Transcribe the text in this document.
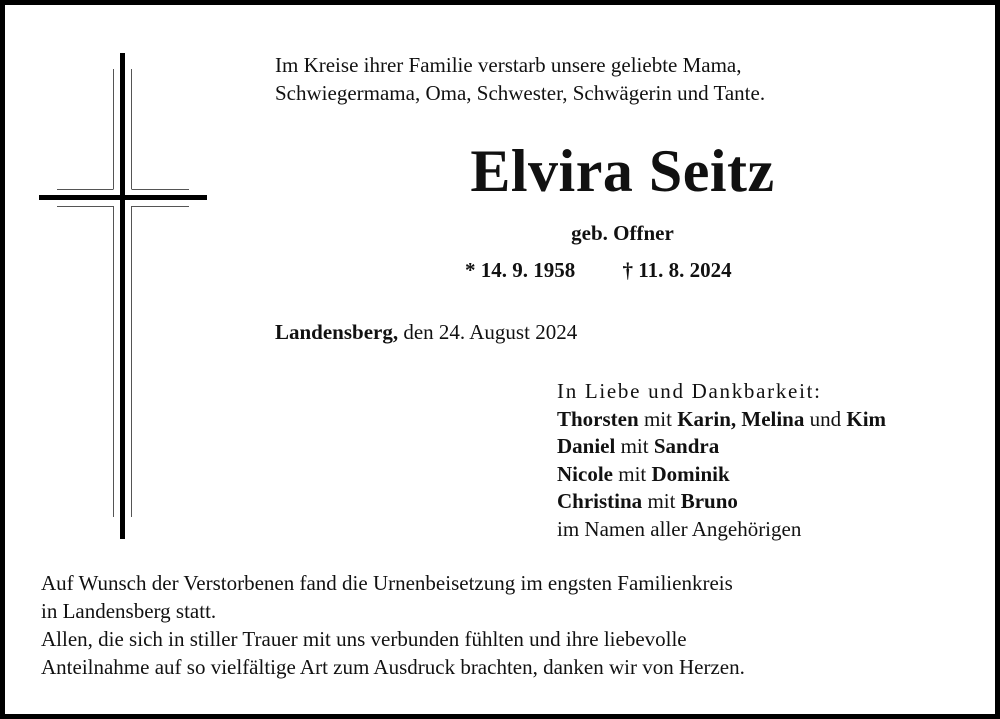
Im Kreise ihrer Familie verstarb unsere geliebte Mama,
Schwiegermama, Oma, Schwester, Schwägerin und Tante.
Elvira Seitz
geb. Offner
* 14. 9. 1958 † 11. 8. 2024
Landensberg, den 24. August 2024
In Liebe und Dankbarkeit:
Thorsten mit Karin, Melina und Kim
Daniel mit Sandra
Nicole mit Dominik
Christina mit Bruno
im Namen aller Angehörigen

Auf Wunsch der Verstorbenen fand die Urnenbeisetzung im engsten Familienkreis

in Landensberg statt.

Allen, die sich in stiller Trauer mit uns verbunden fühlten und ihre liebevolle

Anteilnahme auf so vielfältige Art zum Ausdruck brachten, danken wir von Herzen.
